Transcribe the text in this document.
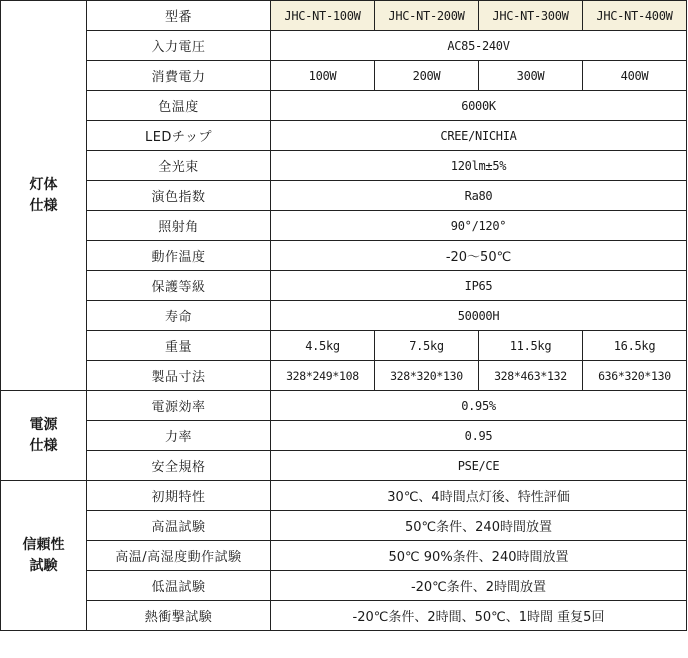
灯体
仕様	型番	JHC-NT-100W	JHC-NT-200W	JHC-NT-300W	JHC-NT-400W
	入力電圧	AC85-240V			
	消費電力	100W	200W	300W	400W
	色温度	6000K			
	LEDチップ	CREE/NICHIA			
	全光束	120lm±5%			
	演色指数	Ra80			
	照射角	90°/120°			
	動作温度	-20～50℃			
	保護等級	IP65			
	寿命	50000H			
	重量	4.5kg	7.5kg	11.5kg	16.5kg
	製品寸法	328*249*108	328*320*130	328*463*132	636*320*130

電源
仕様	電源効率	0.95%			
	力率	0.95			
	安全規格	PSE/CE			

信頼性
試験	初期特性	30℃、4時間点灯後、特性評価			
	高温試験	50℃条件、240時間放置			
	高温/高湿度動作試験	50℃ 90%条件、240時間放置			
	低温試験	-20℃条件、2時間放置			
	熱衝撃試験	-20℃条件、2時間、50℃、1時間 重复5回			
